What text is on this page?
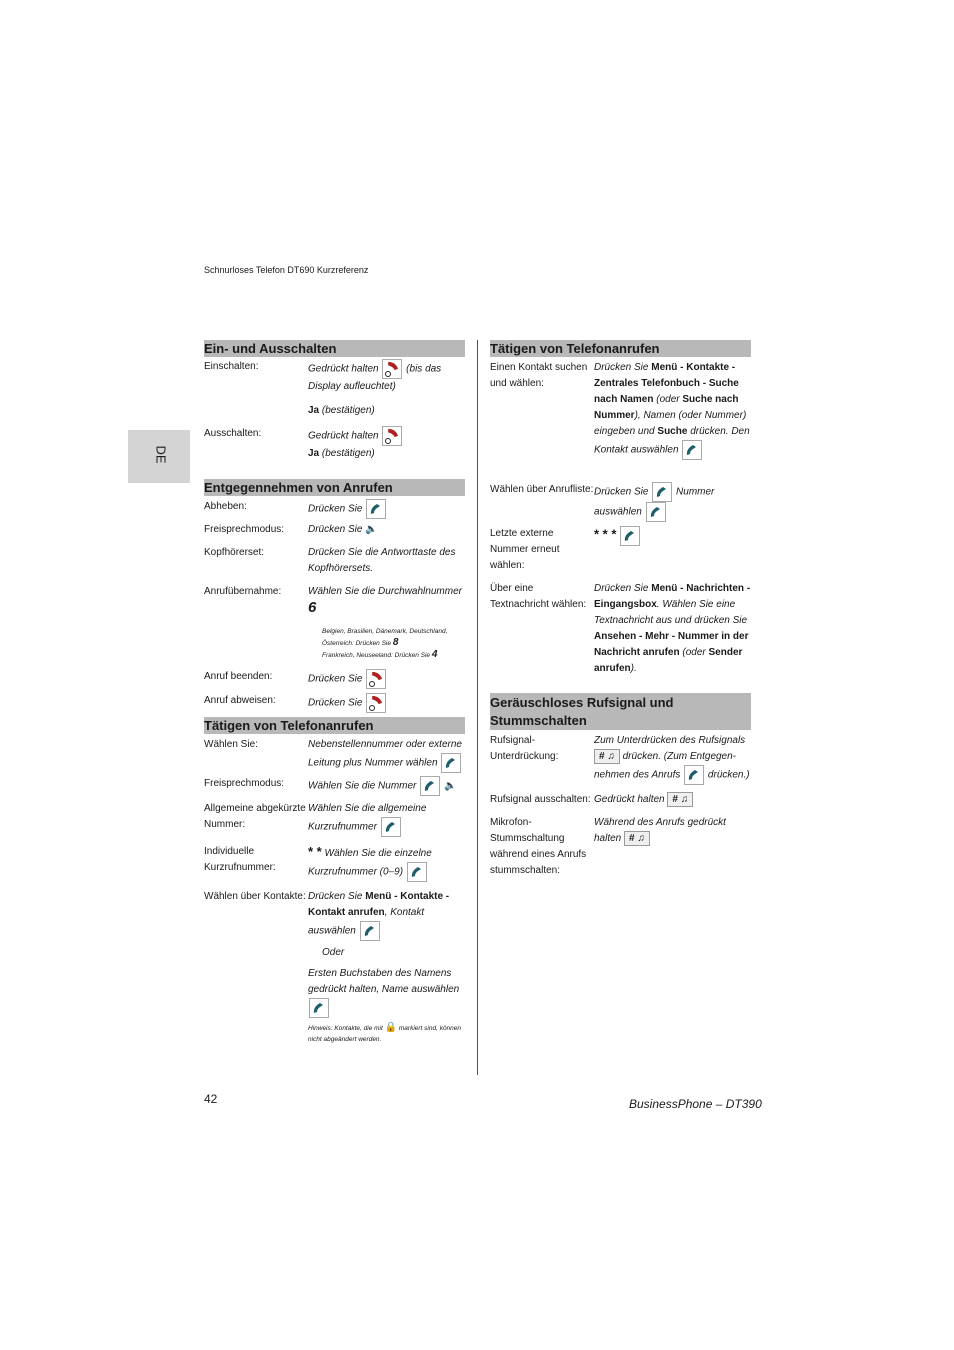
Schnurloses Telefon DT690 Kurzreferenz
DE
Ein- und Ausschalten
Einschalten:	Gedrückt halten	(bis das Display aufleuchtet)
Ja (bestätigen)
Ausschalten:	Gedrückt halten
Ja (bestätigen)
Entgegennehmen von Anrufen
Abheben:	Drücken Sie
Freisprechmodus:	Drücken Sie 🔈
Kopfhörerset:	Drücken Sie die Antworttaste des Kopfhörersets.
Anrufübernahme:	Wählen Sie die Durchwahlnummer
6
Belgien, Brasilien, Dänemark, Deutschland, Österreich: Drücken Sie 8
Frankreich, Neuseeland: Drücken Sie 4
Anruf beenden:	Drücken Sie
Anruf abweisen:	Drücken Sie
Tätigen von Telefonanrufen
Wählen Sie:	Nebenstellennummer oder externe Leitung plus Nummer wählen
Freisprechmodus:	Wählen Sie die Nummer	🔈
Allgemeine abgekürzte Nummer:
Wählen Sie die allgemeine Kurzrufnummer
Individuelle Kurzrufnummer:
* * Wählen Sie die einzelne Kurzrufnummer (0–9)
Wählen über Kontakte: Drücken Sie Menü - Kontakte - Kontakt anrufen, Kontakt auswählen
Oder
Ersten Buchstaben des Namens gedrückt halten, Name auswählen
Hinweis: Kontakte, die mit 🔒 markiert sind, können nicht abgeändert werden.
Tätigen von Telefonanrufen
Einen Kontakt suchen und wählen:
Drücken Sie Menü - Kontakte - Zentrales Telefonbuch - Suche nach Namen (oder Suche nach Nummer), Namen (oder Nummer) eingeben und Suche drücken. Den Kontakt auswählen
Wählen über Anrufliste: Drücken Sie	Nummer auswählen
Letzte externe Nummer erneut wählen:
* * *
Über eine Textnachricht wählen:
Drücken Sie Menü - Nachrichten - Eingangsbox. Wählen Sie eine Textnachricht aus und drücken Sie Ansehen - Mehr - Nummer in der Nachricht anrufen (oder Sender anrufen).
Geräuschloses Rufsignal und Stummschalten
Rufsignal-Unterdrückung:
Zum Unterdrücken des Rufsignals # ♫ drücken. (Zum Entgegen-nehmen des Anrufs	drücken.)
Rufsignal ausschalten: Gedrückt halten # ♫
Mikrofon-Stummschaltung während eines Anrufs stummschalten:
Während des Anrufs gedrückt halten # ♫
42	BusinessPhone – DT390
